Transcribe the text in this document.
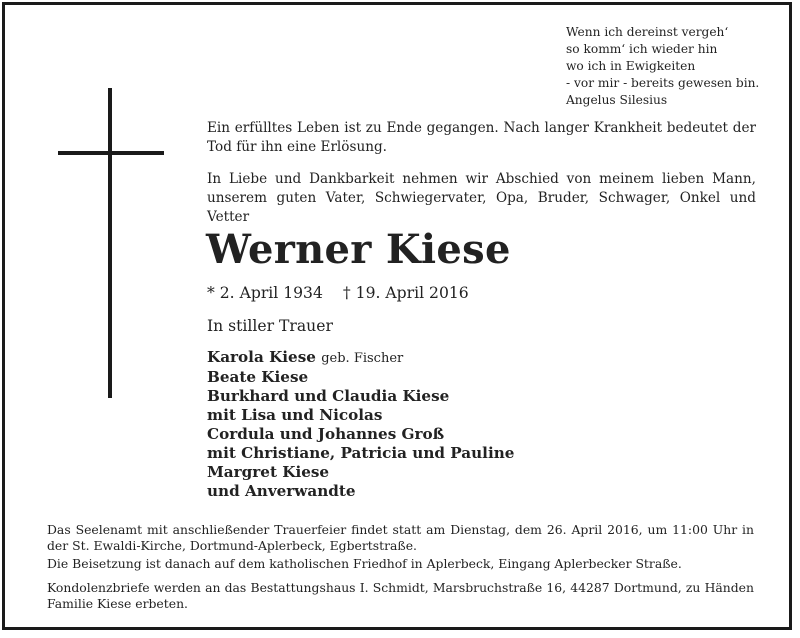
Wenn ich dereinst vergeh‘
so komm‘ ich wieder hin
wo ich in Ewigkeiten
- vor mir - bereits gewesen bin.
Angelus Silesius
Ein erfülltes Leben ist zu Ende gegangen. Nach langer Krankheit bedeutet der Tod für ihn eine Erlösung.
In Liebe und Dankbarkeit nehmen wir Abschied von meinem lieben Mann, unserem guten Vater, Schwiegervater, Opa, Bruder, Schwager, Onkel und Vetter
Werner Kiese
* 2. April 1934 † 19. April 2016
In stiller Trauer
Karola Kiese geb. Fischer
Beate Kiese
Burkhard und Claudia Kiese
mit Lisa und Nicolas
Cordula und Johannes Groß
mit Christiane, Patricia und Pauline
Margret Kiese
und Anverwandte
Das Seelenamt mit anschließender Trauerfeier findet statt am Dienstag, dem 26. April 2016, um 11:00 Uhr in der St. Ewaldi-Kirche, Dortmund-Aplerbeck, Egbertstraße.
Die Beisetzung ist danach auf dem katholischen Friedhof in Aplerbeck, Eingang Aplerbecker Straße.
Kondolenzbriefe werden an das Bestattungshaus I. Schmidt, Marsbruchstraße 16, 44287 Dortmund, zu Händen Familie Kiese erbeten.
